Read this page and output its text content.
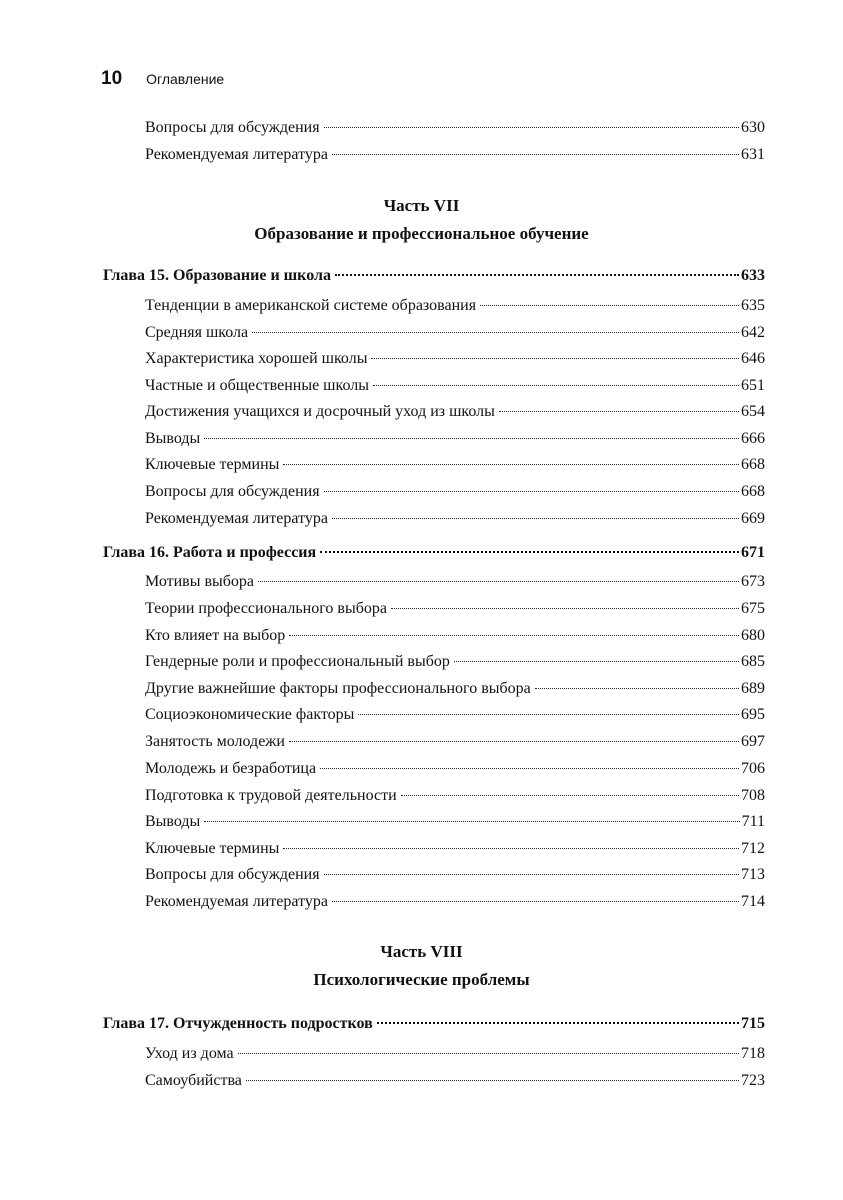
10 Оглавление
Вопросы для обсуждения	630
Рекомендуемая литература	631
Часть VII
Образование и профессиональное обучение
Глава 15. Образование и школа	633
Тенденции в американской системе образования	635
Средняя школа	642
Характеристика хорошей школы	646
Частные и общественные школы	651
Достижения учащихся и досрочный уход из школы	654
Выводы	666
Ключевые термины	668
Вопросы для обсуждения	668
Рекомендуемая литература	669
Глава 16. Работа и профессия	671
Мотивы выбора	673
Теории профессионального выбора	675
Кто влияет на выбор	680
Гендерные роли и профессиональный выбор	685
Другие важнейшие факторы профессионального выбора	689
Социоэкономические факторы	695
Занятость молодежи	697
Молодежь и безработица	706
Подготовка к трудовой деятельности	708
Выводы	711
Ключевые термины	712
Вопросы для обсуждения	713
Рекомендуемая литература	714
Часть VIII
Психологические проблемы
Глава 17. Отчужденность подростков	715
Уход из дома	718
Самоубийства	723
